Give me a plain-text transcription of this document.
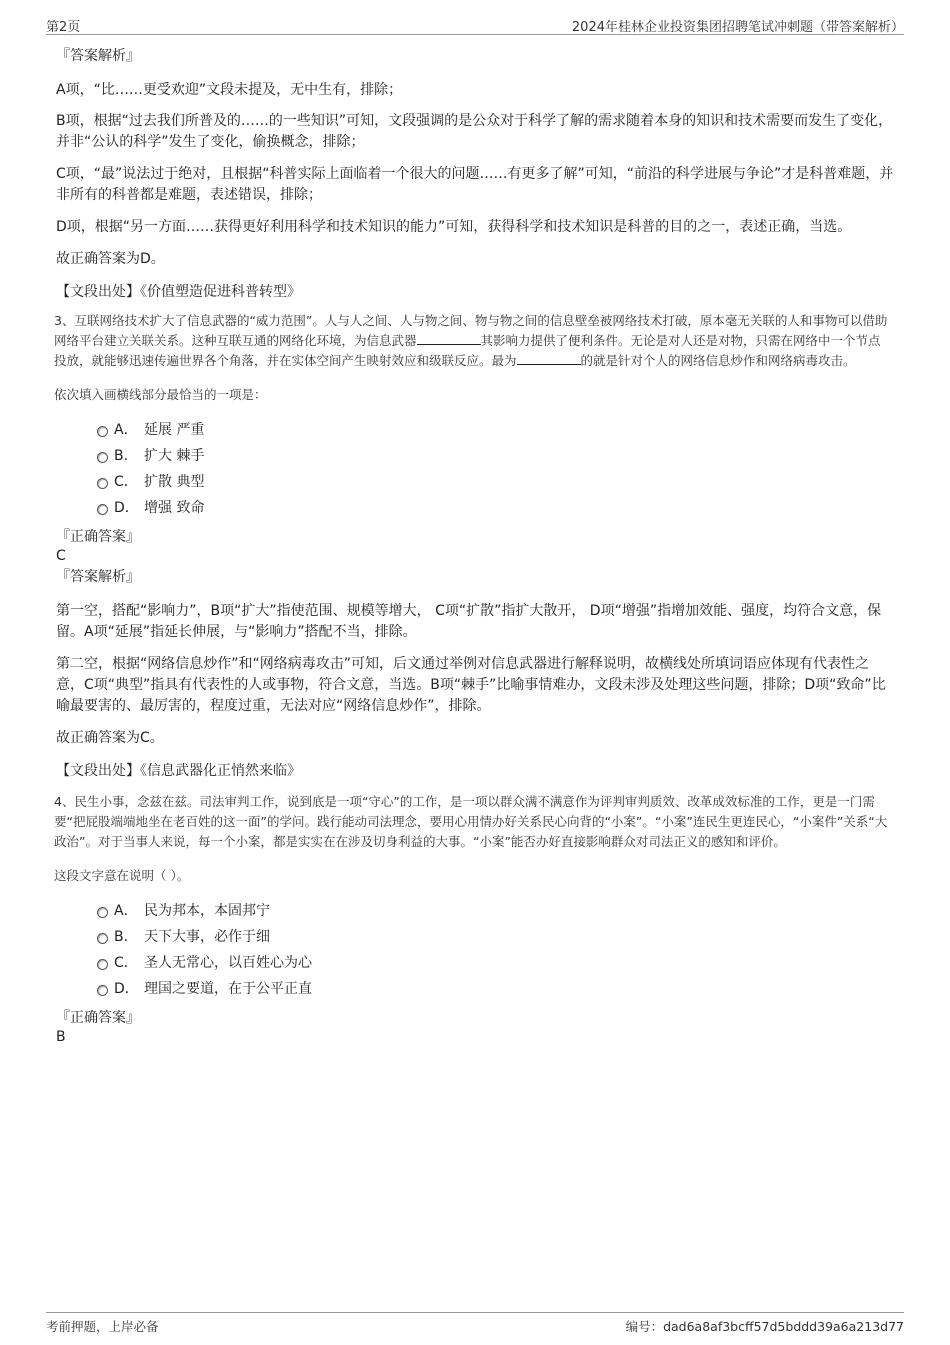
第2页	2024年桂林企业投资集团招聘笔试冲刺题（带答案解析）

『答案解析』

A项，“比……更受欢迎”文段未提及，无中生有，排除；

B项，根据“过去我们所普及的……的一些知识”可知，文段强调的是公众对于科学了解的需求随着本身的知识和技术需要而发生了变化，并非“公认的科学”发生了变化，偷换概念，排除；

C项，“最”说法过于绝对，且根据“科普实际上面临着一个很大的问题……有更多了解”可知，“前沿的科学进展与争论”才是科普难题，并非所有的科普都是难题，表述错误，排除；

D项，根据“另一方面……获得更好利用科学和技术知识的能力”可知，获得科学和技术知识是科普的目的之一，表述正确，当选。

故正确答案为D。

【文段出处】《价值塑造促进科普转型》

3、互联网络技术扩大了信息武器的“威力范围”。人与人之间、人与物之间、物与物之间的信息壁垒被网络技术打破，原本毫无关联的人和事物可以借助网络平台建立关联关系。这种互联互通的网络化环境，为信息武器	其影响力提供了便利条件。无论是对人还是对物，只需在网络中一个节点投放，就能够迅速传遍世界各个角落，并在实体空间产生映射效应和级联反应。最为	的就是针对个人的网络信息炒作和网络病毒攻击。

依次填入画横线部分最恰当的一项是：

A． 延展 严重
B． 扩大 棘手
C． 扩散 典型
D． 增强 致命

『正确答案』

C

『答案解析』

第一空，搭配“影响力”，B项“扩大”指使范围、规模等增大， C项“扩散”指扩大散开， D项“增强”指增加效能、强度，均符合文意，保留。A项“延展”指延长伸展，与“影响力”搭配不当，排除。

第二空，根据“网络信息炒作”和“网络病毒攻击”可知，后文通过举例对信息武器进行解释说明，故横线处所填词语应体现有代表性之意，C项“典型”指具有代表性的人或事物，符合文意，当选。B项“棘手”比喻事情难办，文段未涉及处理这些问题，排除；D项“致命”比喻最要害的、最厉害的，程度过重，无法对应“网络信息炒作”，排除。

故正确答案为C。

【文段出处】《信息武器化正悄然来临》

4、民生小事，念兹在兹。司法审判工作，说到底是一项“守心”的工作，是一项以群众满不满意作为评判审判质效、改革成效标准的工作，更是一门需要“把屁股端端地坐在老百姓的这一面”的学问。践行能动司法理念，要用心用情办好关系民心向背的“小案”。“小案”连民生更连民心，“小案件”关系“大政治”。对于当事人来说，每一个小案，都是实实在在涉及切身利益的大事。“小案”能否办好直接影响群众对司法正义的感知和评价。

这段文字意在说明（ ）。

A． 民为邦本，本固邦宁
B． 天下大事，必作于细
C． 圣人无常心，以百姓心为心
D． 理国之要道，在于公平正直

『正确答案』

B

考前押题，上岸必备	编号：dad6a8af3bcff57d5bddd39a6a213d77
